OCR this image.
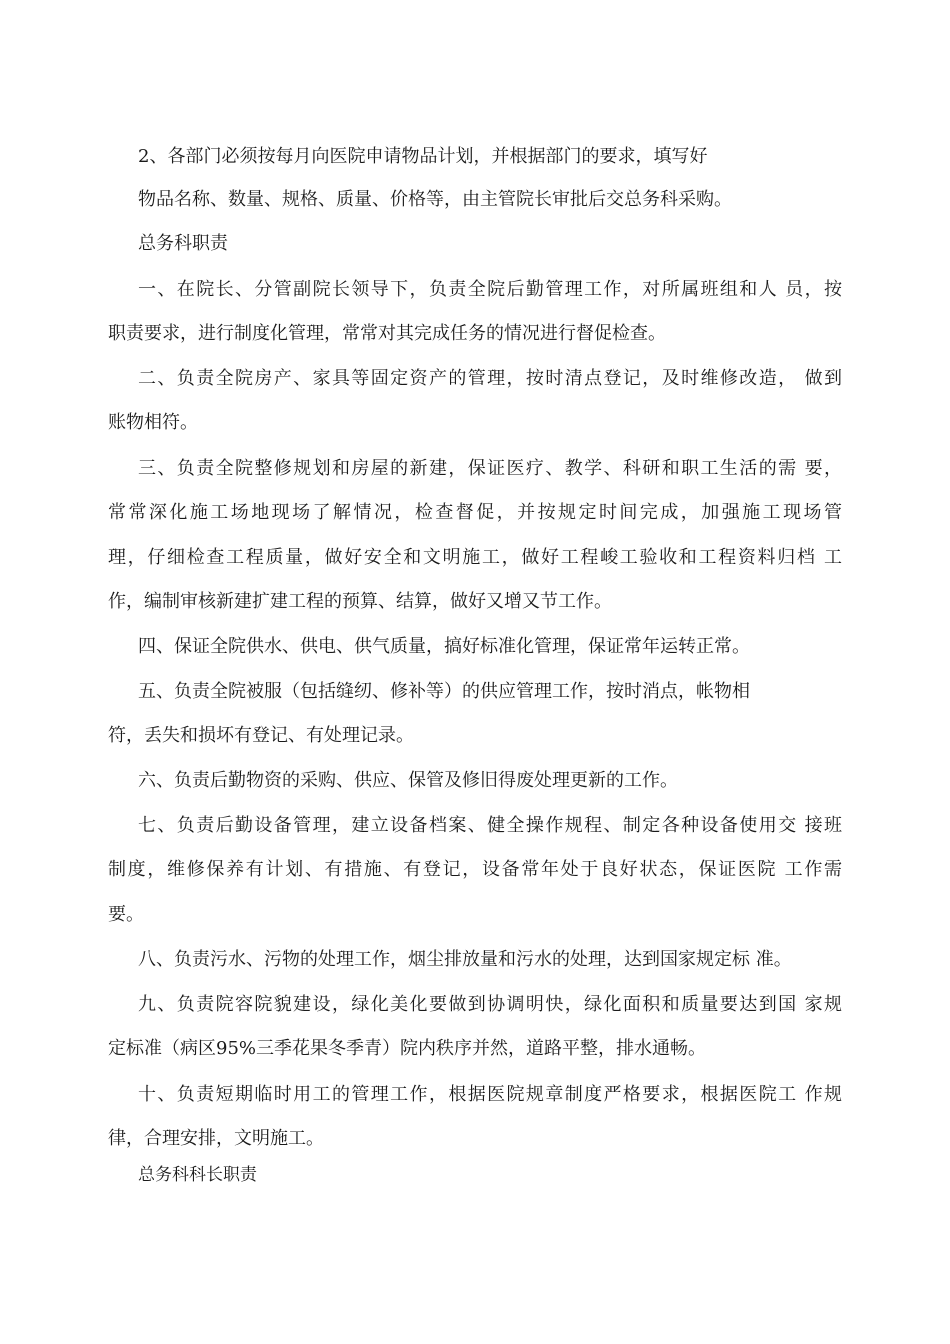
2、各部门必须按每月向医院申请物品计划，并根据部门的要求，填写好
物品名称、数量、规格、质量、价格等，由主管院长审批后交总务科采购。
总务科职责
一、在院长、分管副院长领导下，负责全院后勤管理工作，对所属班组和人 员，按
职责要求，进行制度化管理，常常对其完成任务的情况进行督促检查。
二、负责全院房产、家具等固定资产的管理，按时清点登记，及时维修改造， 做到
账物相符。
三、负责全院整修规划和房屋的新建，保证医疗、教学、科研和职工生活的需 要，
常常深化施工场地现场了解情况，检查督促，并按规定时间完成，加强施工现场管
理，仔细检查工程质量，做好安全和文明施工，做好工程峻工验收和工程资料归档 工
作，编制审核新建扩建工程的预算、结算，做好又增又节工作。
四、保证全院供水、供电、供气质量，搞好标准化管理，保证常年运转正常。
五、负责全院被服（包括缝纫、修补等）的供应管理工作，按时消点，帐物相
符，丢失和损坏有登记、有处理记录。
六、负责后勤物资的采购、供应、保管及修旧得废处理更新的工作。
七、负责后勤设备管理，建立设备档案、健全操作规程、制定各种设备使用交 接班
制度，维修保养有计划、有措施、有登记，设备常年处于良好状态，保证医院 工作需
要。
八、负责污水、污物的处理工作，烟尘排放量和污水的处理，达到国家规定标 准。
九、负责院容院貌建设，绿化美化要做到协调明快，绿化面积和质量要达到国 家规
定标准（病区95%三季花果冬季青）院内秩序并然，道路平整，排水通畅。
十、负责短期临时用工的管理工作，根据医院规章制度严格要求，根据医院工 作规
律，合理安排，文明施工。
总务科科长职责
